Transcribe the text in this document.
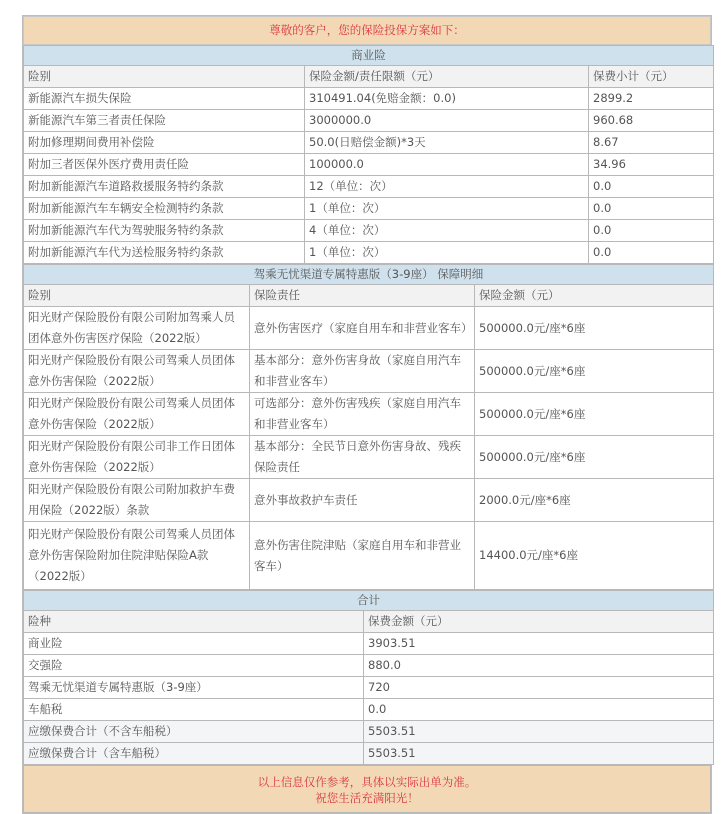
尊敬的客户，您的保险投保方案如下：
商业险		
险别	保险金额/责任限额（元）	保费小计（元）
新能源汽车损失保险	310491.04(免赔金额：0.0)	2899.2
新能源汽车第三者责任保险	3000000.0	960.68
附加修理期间费用补偿险	50.0(日赔偿金额)*3天	8.67
附加三者医保外医疗费用责任险	100000.0	34.96
附加新能源汽车道路救援服务特约条款	12（单位：次）	0.0
附加新能源汽车车辆安全检测特约条款	1（单位：次）	0.0
附加新能源汽车代为驾驶服务特约条款	4（单位：次）	0.0
附加新能源汽车代为送检服务特约条款	1（单位：次）	0.0
驾乘无忧渠道专属特惠版（3-9座） 保障明细		
险别	保险责任	保险金额（元）
阳光财产保险股份有限公司附加驾乘人员团体意外伤害医疗保险（2022版）	意外伤害医疗（家庭自用车和非营业客车）	500000.0元/座*6座
阳光财产保险股份有限公司驾乘人员团体意外伤害保险（2022版）	基本部分：意外伤害身故（家庭自用汽车和非营业客车）	500000.0元/座*6座
阳光财产保险股份有限公司驾乘人员团体意外伤害保险（2022版）	可选部分：意外伤害残疾（家庭自用汽车和非营业客车）	500000.0元/座*6座
阳光财产保险股份有限公司非工作日团体意外伤害保险（2022版）	基本部分：全民节日意外伤害身故、残疾保险责任	500000.0元/座*6座
阳光财产保险股份有限公司附加救护车费用保险（2022版）条款	意外事故救护车责任	2000.0元/座*6座
阳光财产保险股份有限公司驾乘人员团体意外伤害保险附加住院津贴保险A款（2022版）	意外伤害住院津贴（家庭自用车和非营业客车）	14400.0元/座*6座
合计	
险种	保费金额（元）
商业险	3903.51
交强险	880.0
驾乘无忧渠道专属特惠版（3-9座）	720
车船税	0.0
应缴保费合计（不含车船税）	5503.51
应缴保费合计（含车船税）	5503.51
以上信息仅作参考，具体以实际出单为准。
祝您生活充满阳光！
